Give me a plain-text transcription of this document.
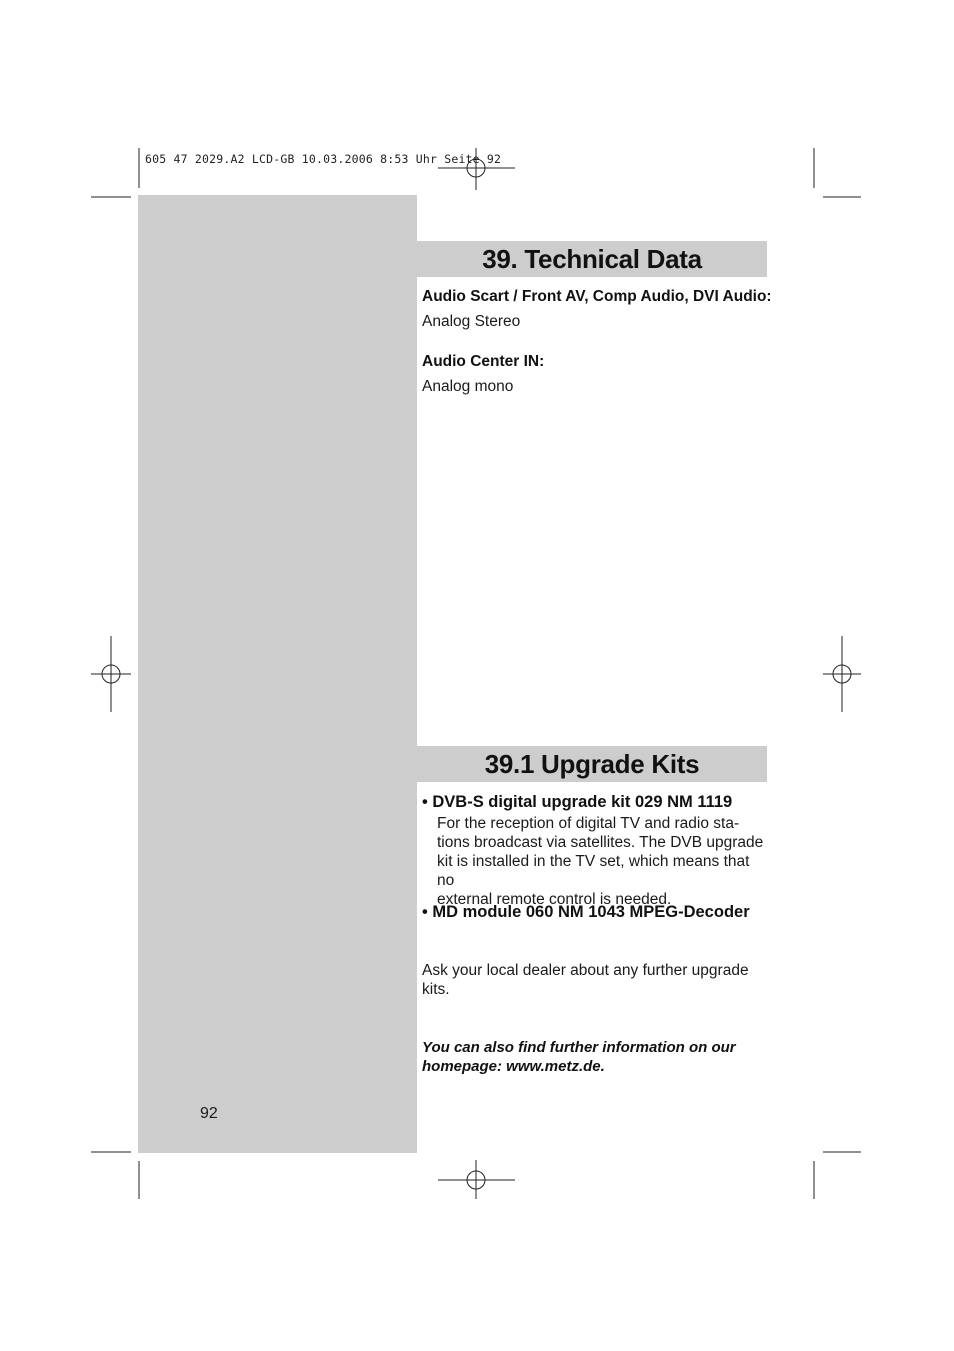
605 47 2029.A2 LCD-GB 10.03.2006 8:53 Uhr Seite 92
39. Technical Data
Audio Scart / Front AV, Comp Audio, DVI Audio:
Analog Stereo
Audio Center IN:
Analog mono
39.1 Upgrade Kits
• DVB-S digital upgrade kit 029 NM 1119
For the reception of digital TV and radio sta-
tions broadcast via satellites. The DVB upgrade
kit is installed in the TV set, which means that no
external remote control is needed.
• MD module 060 NM 1043 MPEG-Decoder
Ask your local dealer about any further upgrade
kits.
You can also find further information on our
homepage: www.metz.de.
92
